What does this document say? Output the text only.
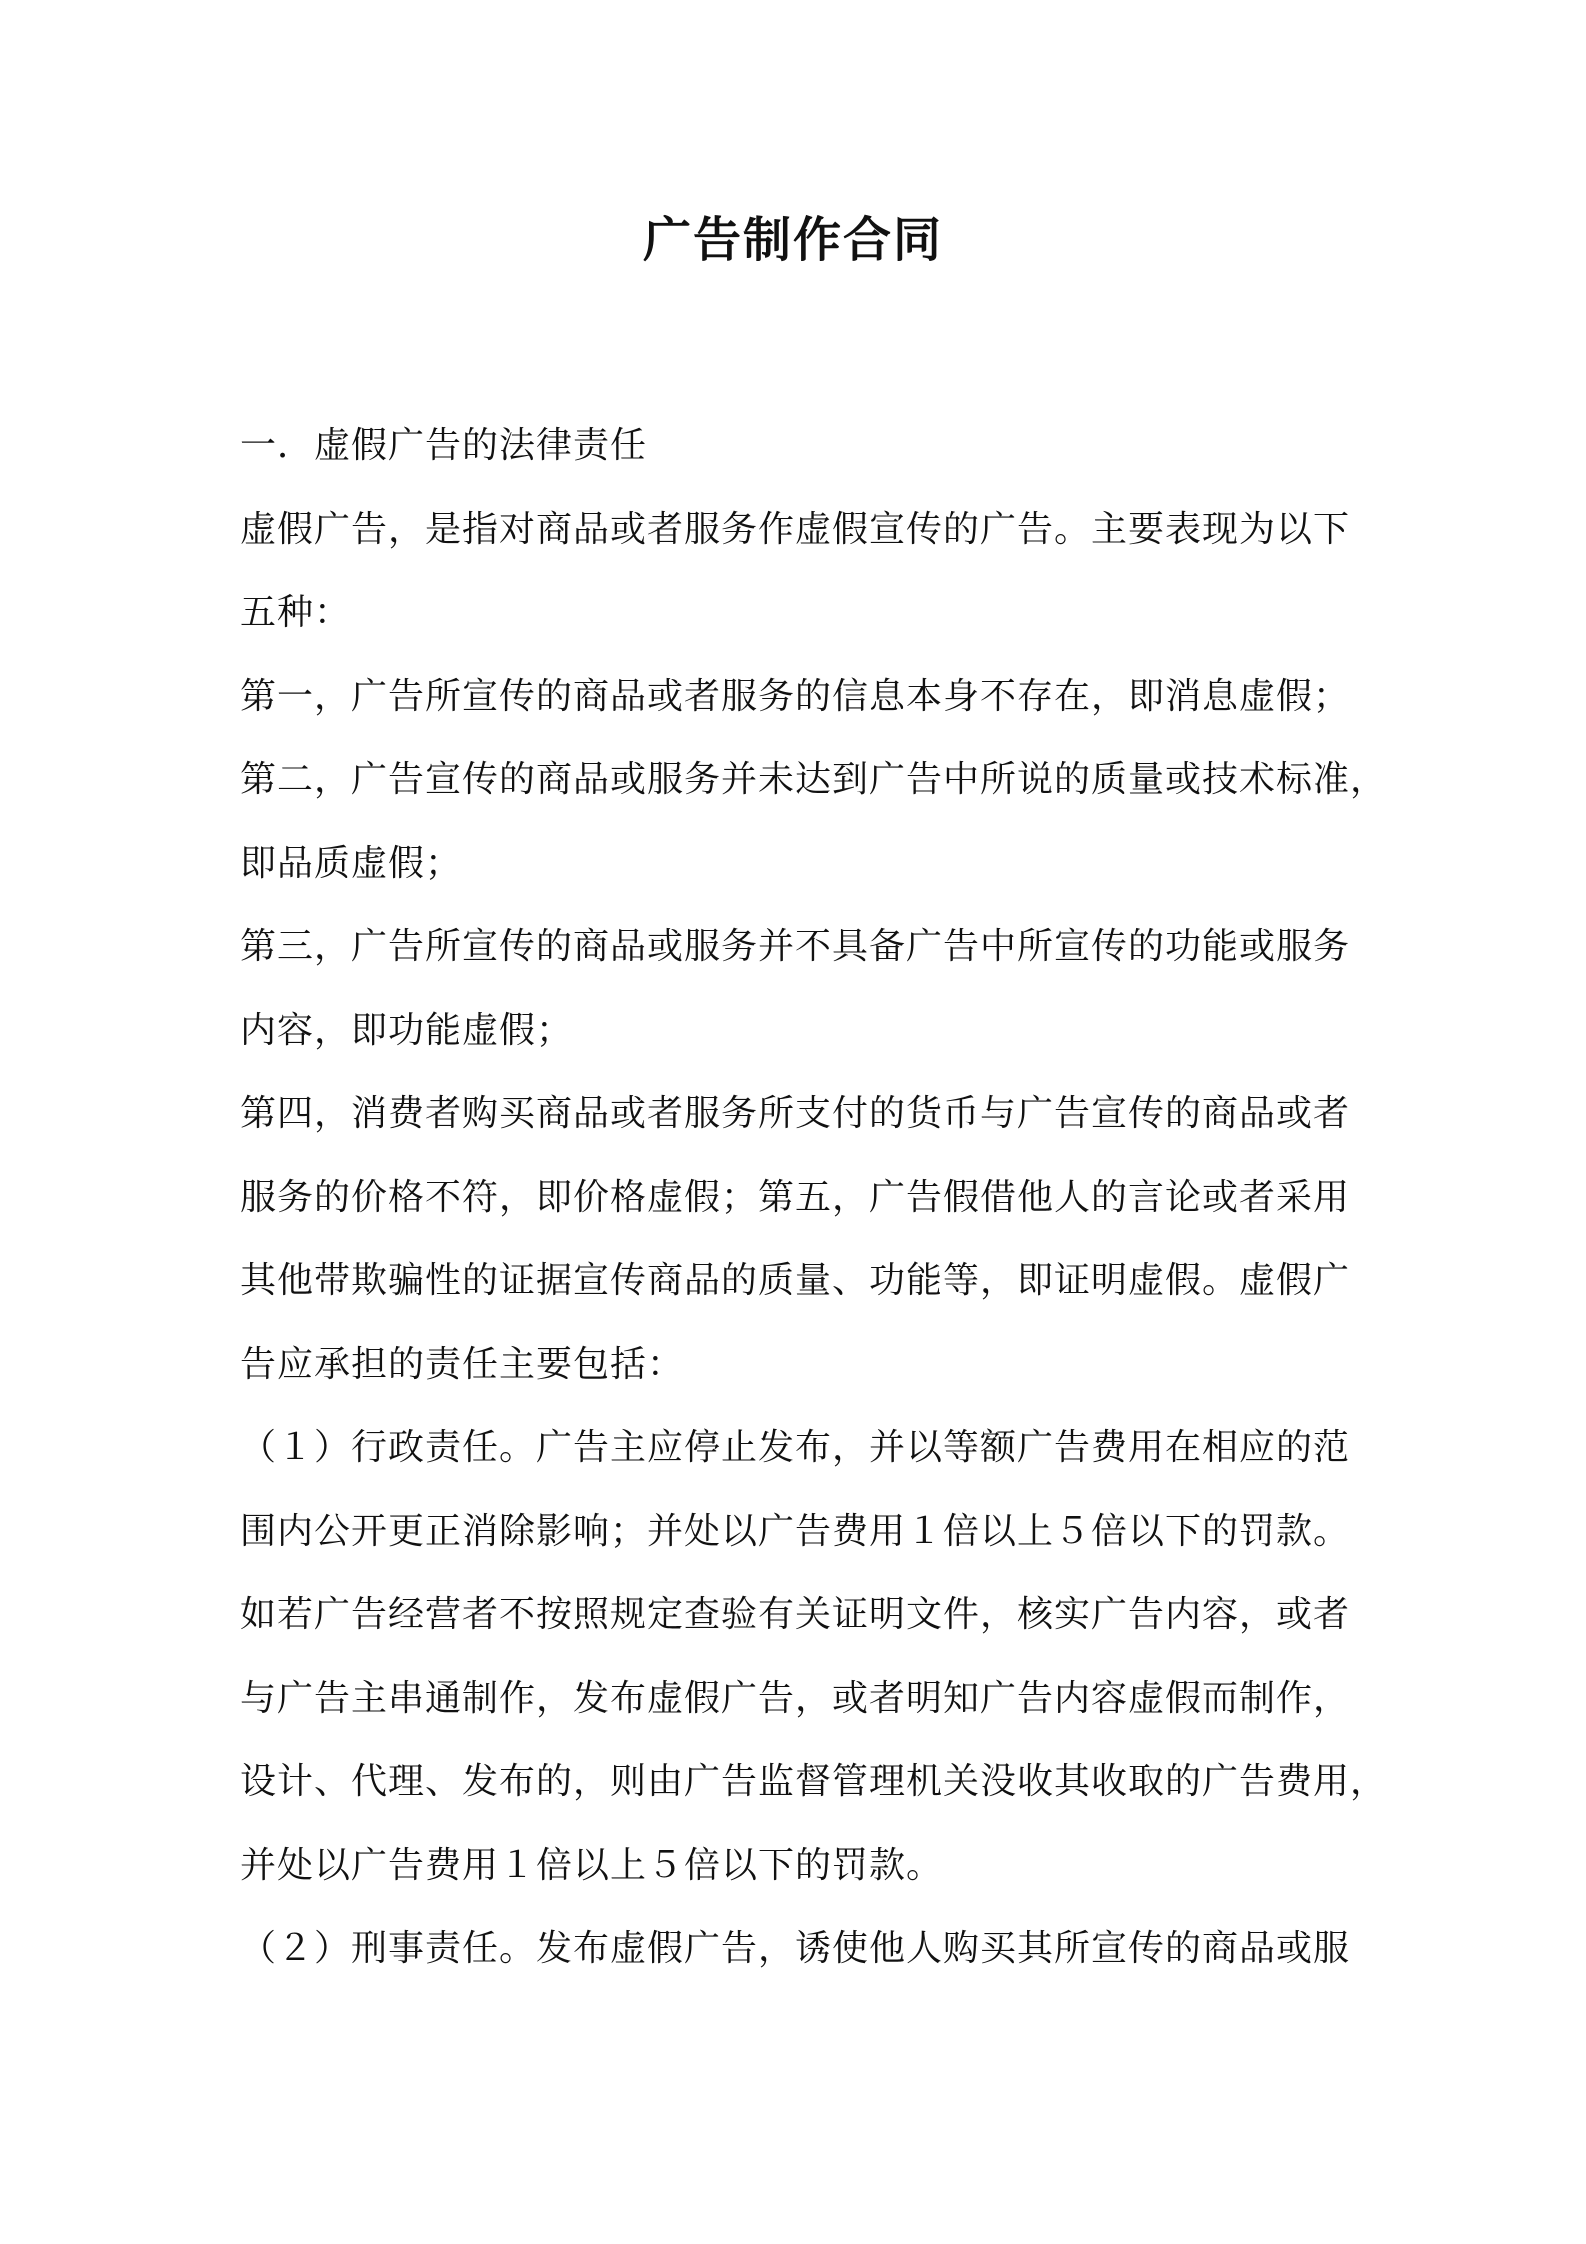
广告制作合同
一．虚假广告的法律责任
虚假广告，是指对商品或者服务作虚假宣传的广告。主要表现为以下
五种：
第一，广告所宣传的商品或者服务的信息本身不存在，即消息虚假；
第二，广告宣传的商品或服务并未达到广告中所说的质量或技术标准，
即品质虚假；
第三，广告所宣传的商品或服务并不具备广告中所宣传的功能或服务
内容，即功能虚假；
第四，消费者购买商品或者服务所支付的货币与广告宣传的商品或者
服务的价格不符，即价格虚假；第五，广告假借他人的言论或者采用
其他带欺骗性的证据宣传商品的质量、功能等，即证明虚假。虚假广
告应承担的责任主要包括：
（１）行政责任。广告主应停止发布，并以等额广告费用在相应的范
围内公开更正消除影响；并处以广告费用１倍以上５倍以下的罚款。
如若广告经营者不按照规定查验有关证明文件，核实广告内容，或者
与广告主串通制作，发布虚假广告，或者明知广告内容虚假而制作，
设计、代理、发布的，则由广告监督管理机关没收其收取的广告费用，
并处以广告费用１倍以上５倍以下的罚款。
（２）刑事责任。发布虚假广告，诱使他人购买其所宣传的商品或服
